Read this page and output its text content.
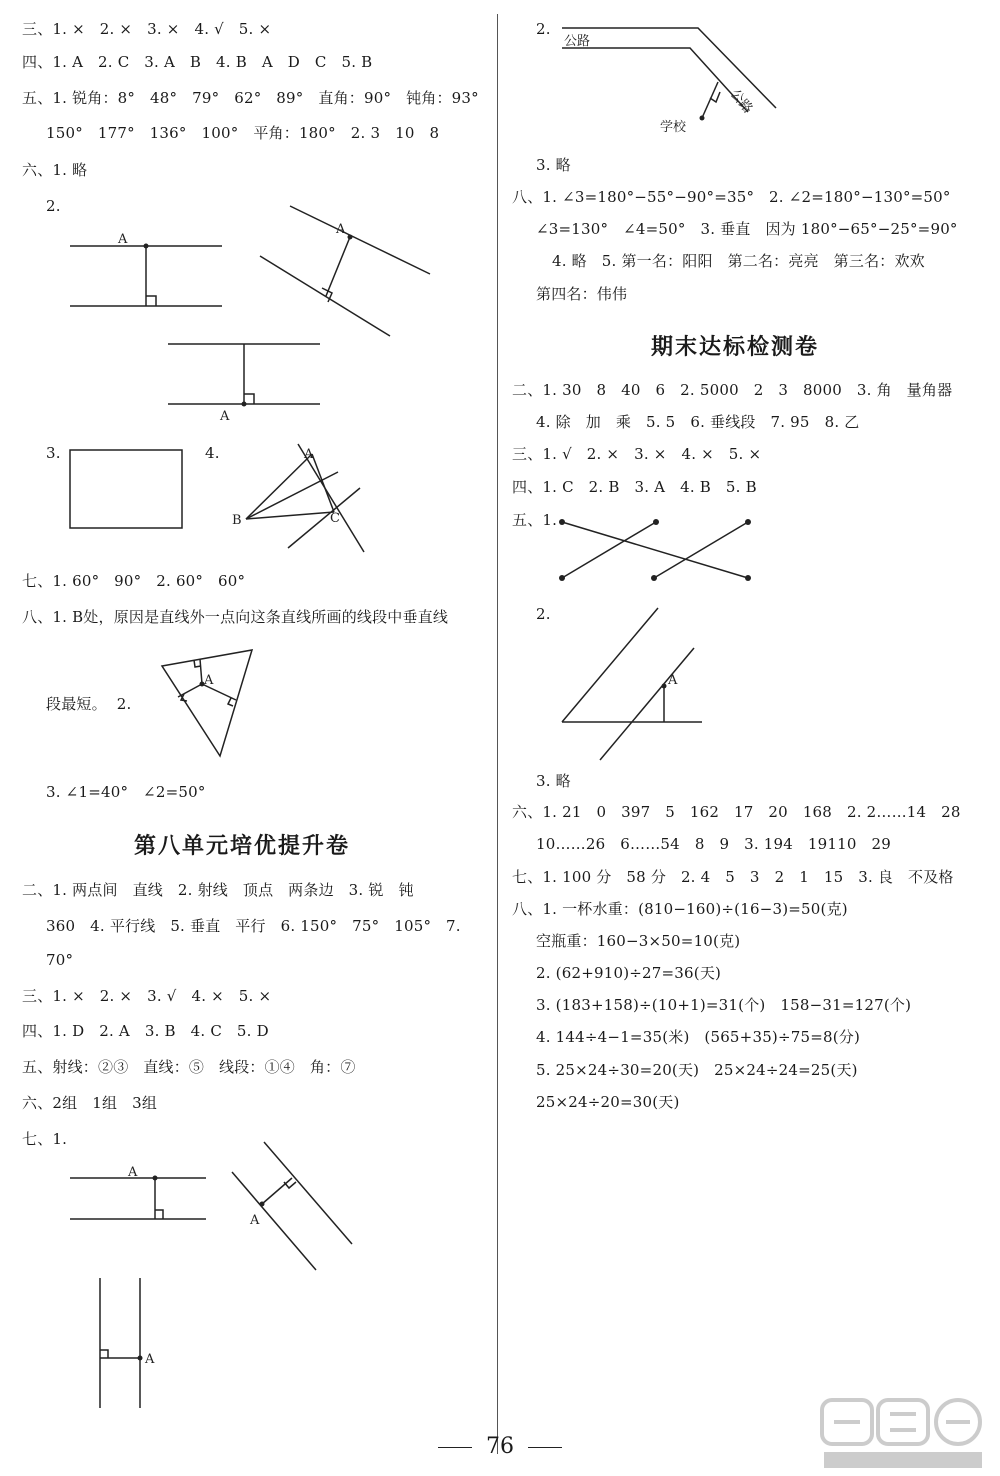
三、1. ×   2. ×   3. ×   4. √   5. ×
四、1. A   2. C   3. A   B   4. B   A   D   C   5. B
五、1. 锐角：8°   48°   79°   62°   89°   直角：90°   钝角：93°
150°   177°   136°   100°   平角：180°   2. 3   10   8
六、1. 略
2.
A
A
A
3.	4.	A
B	C
七、1. 60°   90°   2. 60°   60°
八、1. B处，原因是直线外一点向这条直线所画的线段中垂直线
段最短。  2.
A
3. ∠1=40°   ∠2=50°
第八单元培优提升卷
二、1. 两点间   直线   2. 射线   顶点   两条边   3. 锐   钝
360   4. 平行线   5. 垂直   平行   6. 150°   75°   105°   7.
70°
三、1. ×   2. ×   3. √   4. ×   5. ×
四、1. D   2. A   3. B   4. C   5. D
五、射线：②③   直线：⑤   线段：①④   角：⑦
六、2组   1组   3组
七、1.
A
A
A
2.
公路
公路
学校
3. 略
八、1. ∠3=180°−55°−90°=35°   2. ∠2=180°−130°=50°
∠3=130°   ∠4=50°   3. 垂直   因为 180°−65°−25°=90°
4. 略   5. 第一名：阳阳   第二名：亮亮   第三名：欢欢
第四名：伟伟
期末达标检测卷
二、1. 30   8   40   6   2. 5000   2   3   8000   3. 角   量角器
4. 除   加   乘   5. 5   6. 垂线段   7. 95   8. 乙
三、1. √   2. ×   3. ×   4. ×   5. ×
四、1. C   2. B   3. A   4. B   5. B
五、1.
2.
A
3. 略
六、1. 21   0   397   5   162   17   20   168   2. 2……14   28
10……26   6……54   8   9   3. 194   19110   29
七、1. 100 分   58 分   2. 4   5   3   2   1   15   3. 良   不及格
八、1. 一杯水重：(810−160)÷(16−3)=50(克)
空瓶重：160−3×50=10(克)
2. (62+910)÷27=36(天)
3. (183+158)÷(10+1)=31(个)   158−31=127(个)
4. 144÷4−1=35(米)   (565+35)÷75=8(分)
5. 25×24÷30=20(天)   25×24÷24=25(天)
25×24÷20=30(天)
76
